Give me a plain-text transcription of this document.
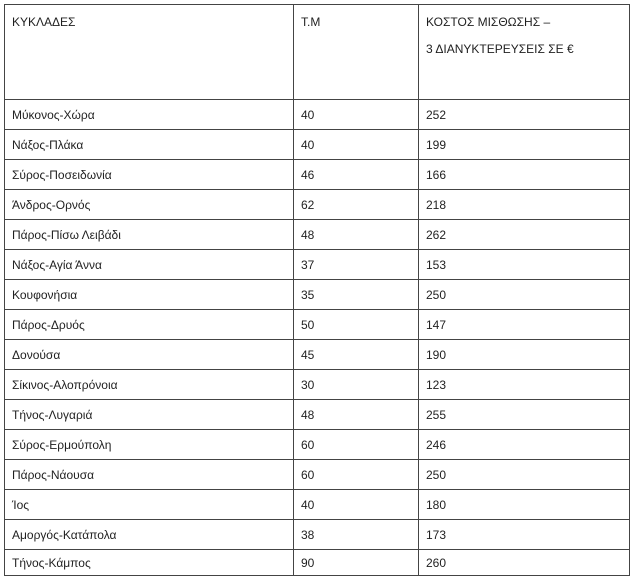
ΚΥΚΛΑΔΕΣ	Τ.Μ	ΚΟΣΤΟΣ ΜΙΣΘΩΣΗΣ –
3 ΔΙΑΝΥΚΤΕΡΕΥΣΕΙΣ ΣΕ €

Μύκονος-Χώρα	40	252
Νάξος-Πλάκα	40	199
Σύρος-Ποσειδωνία	46	166
Άνδρος-Ορνός	62	218
Πάρος-Πίσω Λειβάδι	48	262
Νάξος-Αγία Άννα	37	153
Κουφονήσια	35	250
Πάρος-Δρυός	50	147
Δονούσα	45	190
Σίκινος-Αλοπρόνοια	30	123
Τήνος-Λυγαριά	48	255
Σύρος-Ερμούπολη	60	246
Πάρος-Νάουσα	60	250
Ίος	40	180
Αμοργός-Κατάπολα	38	173
Τήνος-Κάμπος	90	260
